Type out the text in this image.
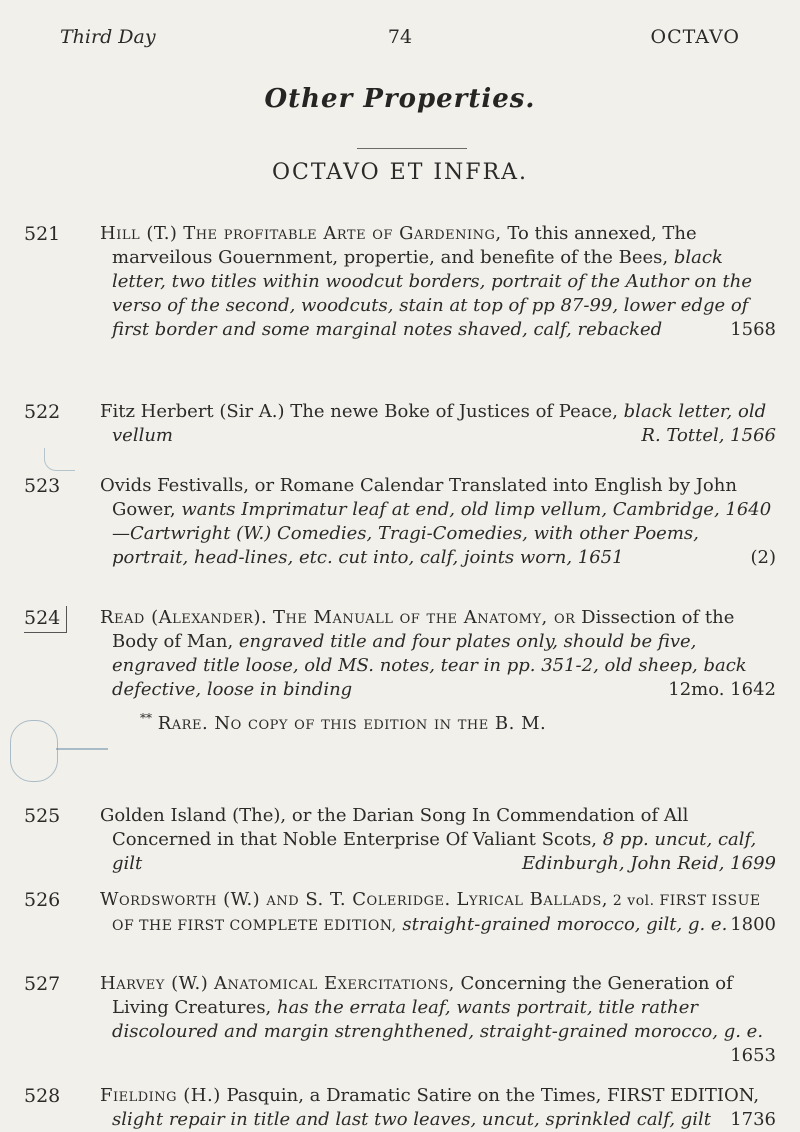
Third Day	74	OCTAVO
Other Properties.
OCTAVO ET INFRA.
521 Hill (T.) The profitable Arte of Gardening, To this annexed, The marveilous Gouernment, propertie, and benefite of the Bees, black letter, two titles within woodcut borders, portrait of the Author on the verso of the second, woodcuts, stain at top of pp 87-99, lower edge of first border and some marginal notes shaved, calf, rebacked	1568
522 Fitz Herbert (Sir A.) The newe Boke of Justices of Peace, black letter, old vellum	R. Tottel, 1566
523 Ovids Festivalls, or Romane Calendar Translated into English by John Gower, wants Imprimatur leaf at end, old limp vellum, Cambridge, 1640—Cartwright (W.) Comedies, Tragi-Comedies, with other Poems, portrait, head-lines, etc. cut into, calf, joints worn, 1651	(2)
524	Read (Alexander). The Manuall of the Anatomy, or Dissection of the Body of Man, engraved title and four plates only, should be five, engraved title loose, old MS. notes, tear in pp. 351-2, old sheep, back defective, loose in binding	12mo. 1642
** Rare. No copy of this edition in the B. M.
525 Golden Island (The), or the Darian Song In Commendation of All Concerned in that Noble Enterprise Of Valiant Scots, 8 pp. uncut, calf, gilt	Edinburgh, John Reid, 1699
526 Wordsworth (W.) and S. T. Coleridge. Lyrical Ballads, 2 vol. FIRST ISSUE OF THE FIRST COMPLETE EDITION, straight-grained morocco, gilt, g. e. 1800
527 Harvey (W.) Anatomical Exercitations, Concerning the Generation of Living Creatures, has the errata leaf, wants portrait, title rather discoloured and margin strenghthened, straight-grained morocco, g. e.
1653
528 Fielding (H.) Pasquin, a Dramatic Satire on the Times, FIRST EDITION, slight repair in title and last two leaves, uncut, sprinkled calf, gilt 1736
